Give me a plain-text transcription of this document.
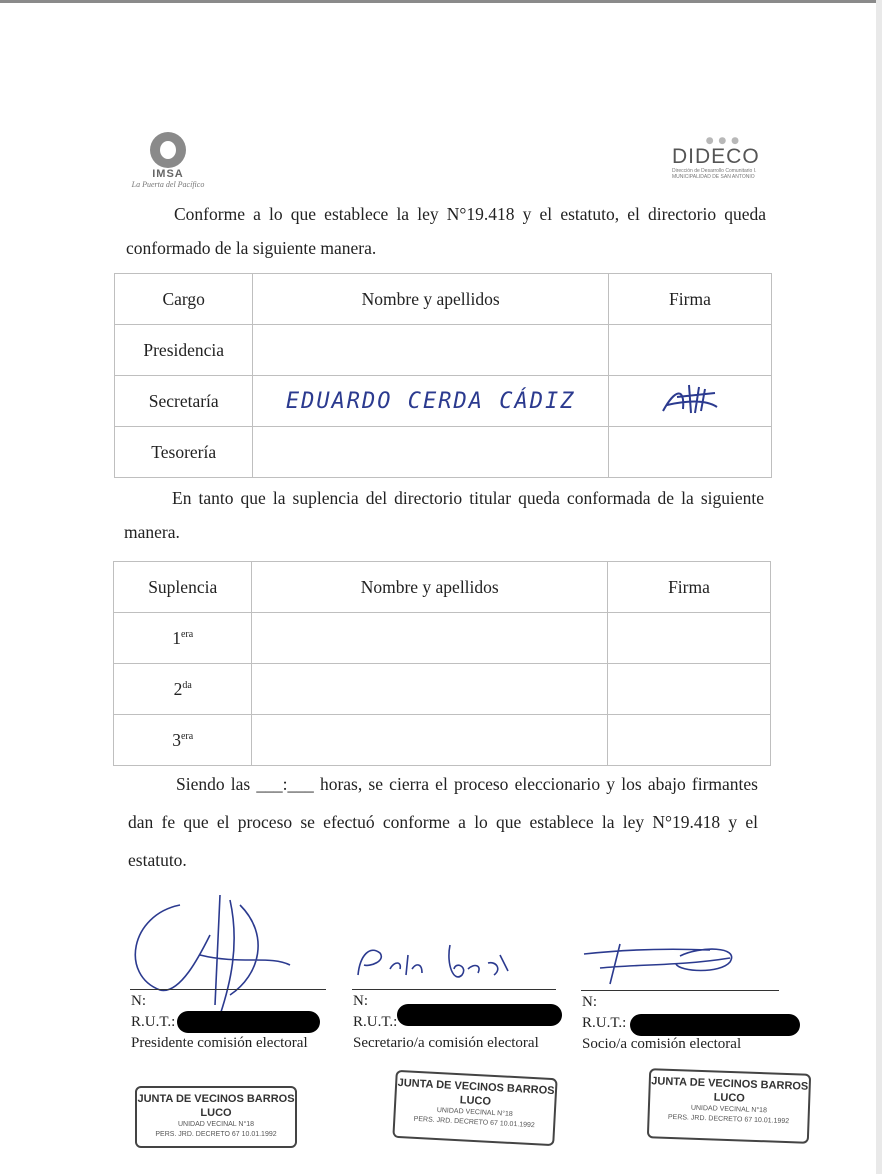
IMSA
La Puerta del Pacífico
● ● ●
DIDECO
Dirección de Desarrollo Comunitario I. MUNICIPALIDAD DE SAN ANTONIO
Conforme a lo que establece la ley N°19.418 y el estatuto, el directorio queda conformado de la siguiente manera.
Cargo	Nombre y apellidos	Firma
Presidencia		
Secretaría	EDUARDO CERDA CÁDIZ	
Tesorería		
En tanto que la suplencia del directorio titular queda conformada de la siguiente manera.
Suplencia	Nombre y apellidos	Firma
$1^{era}$		
$2^{da}$		
$3^{era}$		
Siendo las ___:___ horas, se cierra el proceso eleccionario y los abajo firmantes dan fe que el proceso se efectuó conforme a lo que establece la ley N°19.418 y el estatuto.
N:
R.U.T.:
Presidente comisión electoral
N:
R.U.T.:
Secretario/a comisión electoral
N:
R.U.T.:
Socio/a comisión electoral
JUNTA DE VECINOS BARROS LUCO
UNIDAD VECINAL N°18
PERS. JRD. DECRETO 67 10.01.1992
JUNTA DE VECINOS BARROS LUCO
UNIDAD VECINAL N°18
PERS. JRD. DECRETO 67 10.01.1992
JUNTA DE VECINOS BARROS LUCO
UNIDAD VECINAL N°18
PERS. JRD. DECRETO 67 10.01.1992
